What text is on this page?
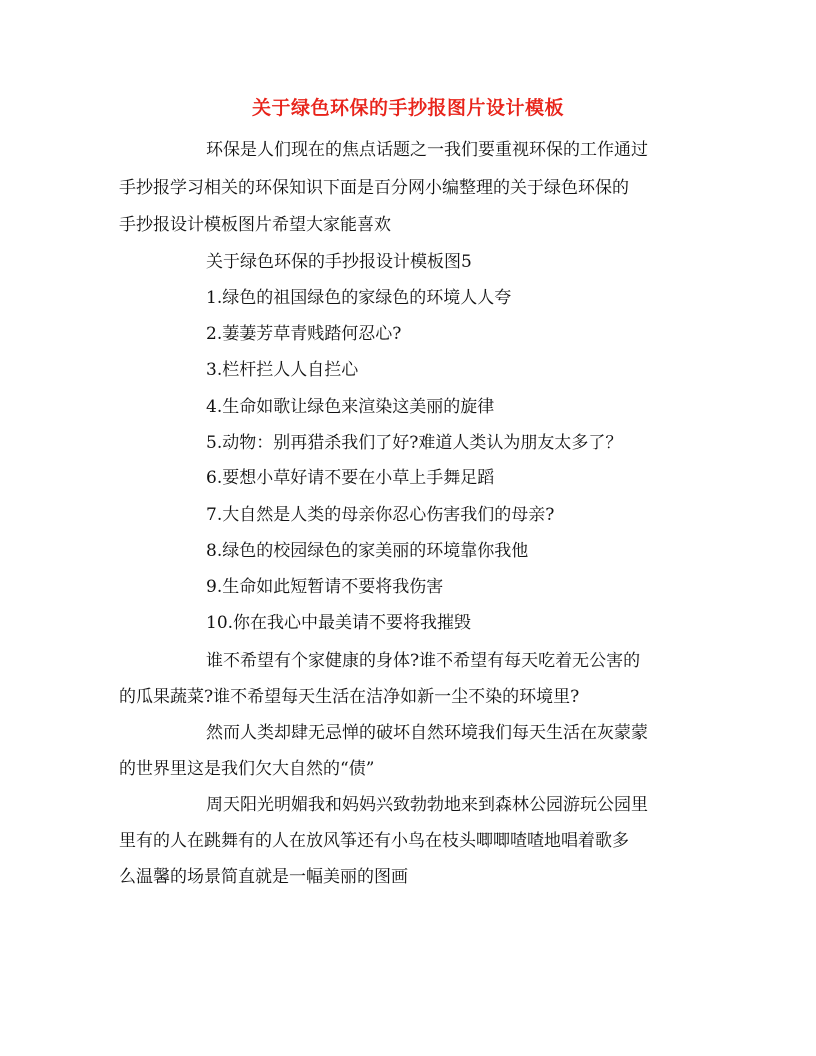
关于绿色环保的手抄报图片设计模板

环保是人们现在的焦点话题之一我们要重视环保的工作通过

手抄报学习相关的环保知识下面是百分网小编整理的关于绿色环保的

手抄报设计模板图片希望大家能喜欢

关于绿色环保的手抄报设计模板图5

1.绿色的祖国绿色的家绿色的环境人人夸

2.萋萋芳草青贱踏何忍心?

3.栏杆拦人人自拦心

4.生命如歌让绿色来渲染这美丽的旋律

5.动物：别再猎杀我们了好?难道人类认为朋友太多了？

6.要想小草好请不要在小草上手舞足蹈

7.大自然是人类的母亲你忍心伤害我们的母亲?

8.绿色的校园绿色的家美丽的环境靠你我他

9.生命如此短暂请不要将我伤害

10.你在我心中最美请不要将我摧毁

谁不希望有个家健康的身体?谁不希望有每天吃着无公害的

的瓜果蔬菜?谁不希望每天生活在洁净如新一尘不染的环境里?

然而人类却肆无忌惮的破坏自然环境我们每天生活在灰蒙蒙

的世界里这是我们欠大自然的“债”

周天阳光明媚我和妈妈兴致勃勃地来到森林公园游玩公园里

里有的人在跳舞有的人在放风筝还有小鸟在枝头唧唧喳喳地唱着歌多

么温馨的场景简直就是一幅美丽的图画
